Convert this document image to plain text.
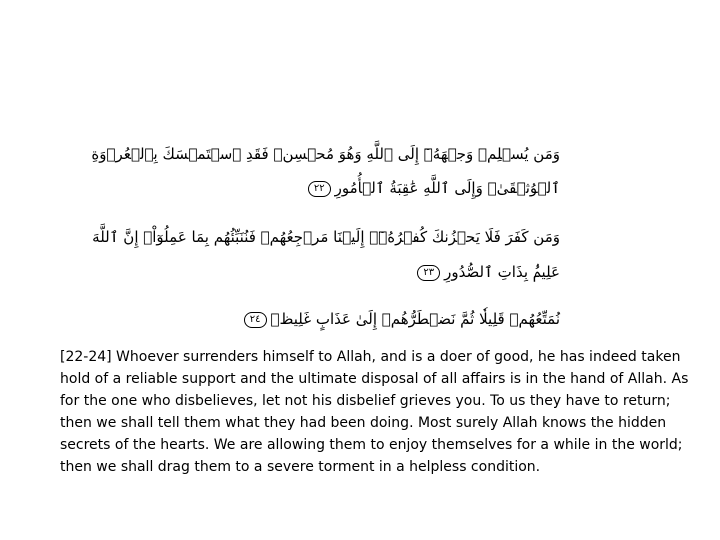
وَمَن يُسۡلِمۡ وَجۡهَهُۥٓ إِلَى ٱللَّهِ وَهُوَ مُحۡسِنٞ فَقَدِ ٱسۡتَمۡسَكَ بِٱلۡعُرۡوَةِ
ٱلۡوُثۡقَىٰۗ وَإِلَى ٱللَّهِ عَٰقِبَةُ ٱلۡأُمُورِ٢٢
وَمَن كَفَرَ فَلَا يَحۡزُنكَ كُفۡرُهُۥٓۚ إِلَيۡنَا مَرۡجِعُهُمۡ فَنُنَبِّئُهُم بِمَا عَمِلُوٓاْۚ إِنَّ ٱللَّهَ
عَلِيمُۢ بِذَاتِ ٱلصُّدُورِ٢٣
نُمَتِّعُهُمۡ قَلِيلٗا ثُمَّ نَضۡطَرُّهُمۡ إِلَىٰ عَذَابٍ غَلِيظٖ٢٤

[22-24] Whoever surrenders himself to Allah, and is a doer of good, he has indeed taken hold of a reliable support and the ultimate disposal of all affairs is in the hand of Allah. As for the one who disbelieves, let not his disbelief grieves you. To us they have to return; then we shall tell them what they had been doing. Most surely Allah knows the hidden secrets of the hearts. We are allowing them to enjoy themselves for a while in the world; then we shall drag them to a severe torment in a helpless condition.
